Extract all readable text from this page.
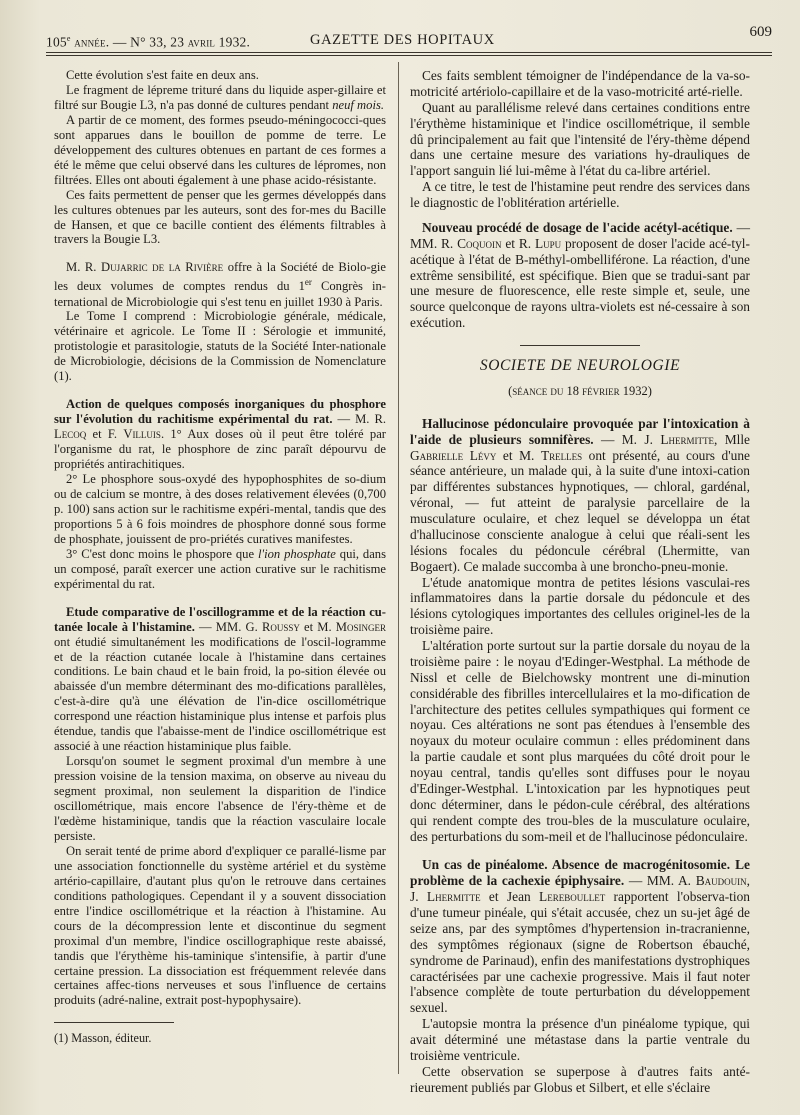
105e année. — N° 33, 23 avril 1932.	GAZETTE DES HOPITAUX	609

Cette évolution s'est faite en deux ans.

Le fragment de lépreme trituré dans du liquide asper-gillaire et filtré sur Bougie L3, n'a pas donné de cultures pendant neuf mois.

A partir de ce moment, des formes pseudo-méningococci-ques sont apparues dans le bouillon de pomme de terre. Le développement des cultures obtenues en partant de ces formes a été le même que celui observé dans les cultures de lépromes, non filtrées. Elles ont abouti également à une phase acido-résistante.

Ces faits permettent de penser que les germes développés dans les cultures obtenues par les auteurs, sont des for-mes du Bacille de Hansen, et que ce bacille contient des éléments filtrables à travers la Bougie L3.

M. R. Dujarric de la Rivière offre à la Société de Biolo-gie les deux volumes de comptes rendus du 1er Congrès in-ternational de Microbiologie qui s'est tenu en juillet 1930 à Paris.

Le Tome I comprend : Microbiologie générale, médicale, vétérinaire et agricole. Le Tome II : Sérologie et immunité, protistologie et parasitologie, statuts de la Société Inter-nationale de Microbiologie, décisions de la Commission de Nomenclature (1).

Action de quelques composés inorganiques du phosphore sur l'évolution du rachitisme expérimental du rat. — M. R. Lecoq et F. Villuis. 1° Aux doses où il peut être toléré par l'organisme du rat, le phosphore de zinc paraît dépourvu de propriétés antirachitiques.

2° Le phosphore sous-oxydé des hypophosphites de so-dium ou de calcium se montre, à des doses relativement élevées (0,700 p. 100) sans action sur le rachitisme expéri-mental, tandis que des proportions 5 à 6 fois moindres de phosphore donné sous forme de phosphate, jouissent de pro-priétés curatives manifestes.

3° C'est donc moins le phospore que l'ion phosphate qui, dans un composé, paraît exercer une action curative sur le rachitisme expérimental du rat.

Etude comparative de l'oscillogramme et de la réaction cu-tanée locale à l'histamine. — MM. G. Roussy et M. Mosinger ont étudié simultanément les modifications de l'oscil-logramme et de la réaction cutanée locale à l'histamine dans certaines conditions. Le bain chaud et le bain froid, la po-sition élevée ou abaissée d'un membre déterminant des mo-difications parallèles, c'est-à-dire qu'à une élévation de l'in-dice oscillométrique correspond une réaction histaminique plus intense et parfois plus étendue, tandis que l'abaisse-ment de l'indice oscillométrique est associé à une réaction histaminique plus faible.

Lorsqu'on soumet le segment proximal d'un membre à une pression voisine de la tension maxima, on observe au niveau du segment proximal, non seulement la disparition de l'indice oscillométrique, mais encore l'absence de l'éry-thème et de l'œdème histaminique, tandis que la réaction vasculaire locale persiste.

On serait tenté de prime abord d'expliquer ce parallé-lisme par une association fonctionnelle du système artériel et du système artério-capillaire, d'autant plus qu'on le retrouve dans certaines conditions pathologiques. Cependant il y a souvent dissociation entre l'indice oscillométrique et la réaction à l'histamine. Au cours de la décompression lente et discontinue du segment proximal d'un membre, l'indice oscillographique reste abaissé, tandis que l'érythème his-taminique s'intensifie, à partir d'une certaine pression. La dissociation est fréquemment relevée dans certaines affec-tions nerveuses et sous l'influence de certains produits (adré-naline, extrait post-hypophysaire).

(1) Masson, éditeur.

Ces faits semblent témoigner de l'indépendance de la va-so-motricité artériolo-capillaire et de la vaso-motricité arté-rielle.

Quant au parallélisme relevé dans certaines conditions entre l'érythème histaminique et l'indice oscillométrique, il semble dû principalement au fait que l'intensité de l'éry-thème dépend dans une certaine mesure des variations hy-drauliques de l'apport sanguin lié lui-même à l'état du ca-libre artériel.

A ce titre, le test de l'histamine peut rendre des services dans le diagnostic de l'oblitération artérielle.

Nouveau procédé de dosage de l'acide acétyl-acétique. — MM. R. Coquoin et R. Lupu proposent de doser l'acide acé-tyl-acétique à l'état de B-méthyl-ombelliférone. La réaction, d'une extrême sensibilité, est spécifique. Bien que se tradui-sant par une mesure de fluorescence, elle reste simple et, seule, une source quelconque de rayons ultra-violets est né-cessaire à son exécution.

SOCIETE DE NEUROLOGIE
(séance du 18 février 1932)

Hallucinose pédonculaire provoquée par l'intoxication à l'aide de plusieurs somnifères. — M. J. Lhermitte, Mlle Gabrielle Lévy et M. Trelles ont présenté, au cours d'une séance antérieure, un malade qui, à la suite d'une intoxi-cation par différentes substances hypnotiques, — chloral, gardénal, véronal, — fut atteint de paralysie parcellaire de la musculature oculaire, et chez lequel se développa un état d'hallucinose consciente analogue à celui que réali-sent les lésions focales du pédoncule cérébral (Lhermitte, van Bogaert). Ce malade succomba à une broncho-pneu-monie.

L'étude anatomique montra de petites lésions vasculai-res inflammatoires dans la partie dorsale du pédoncule et des lésions cytologiques importantes des cellules originel-les de la troisième paire.

L'altération porte surtout sur la partie dorsale du noyau de la troisième paire : le noyau d'Edinger-Westphal. La méthode de Nissl et celle de Bielchowsky montrent une di-minution considérable des fibrilles intercellulaires et la mo-dification de l'architecture des petites cellules sympathiques qui forment ce noyau. Ces altérations ne sont pas étendues à l'ensemble des noyaux du moteur oculaire commun : elles prédominent dans la partie caudale et sont plus marquées du côté droit pour le noyau central, tandis qu'elles sont diffuses pour le noyau d'Edinger-Westphal. L'intoxication par les hypnotiques peut donc déterminer, dans le pédon-cule cérébral, des altérations qui rendent compte des trou-bles de la musculature oculaire, des perturbations du som-meil et de l'hallucinose pédonculaire.

Un cas de pinéalome. Absence de macrogénitosomie. Le problème de la cachexie épiphysaire. — MM. A. Baudouin, J. Lhermitte et Jean Lereboullet rapportent l'observa-tion d'une tumeur pinéale, qui s'était accusée, chez un su-jet âgé de seize ans, par des symptômes d'hypertension in-tracranienne, des symptômes régionaux (signe de Robertson ébauché, syndrome de Parinaud), enfin des manifestations dystrophiques caractérisées par une cachexie progressive. Mais il faut noter l'absence complète de toute perturbation du développement sexuel.

L'autopsie montra la présence d'un pinéalome typique, qui avait déterminé une métastase dans la partie ventrale du troisième ventricule.

Cette observation se superpose à d'autres faits anté-rieurement publiés par Globus et Silbert, et elle s'éclaire
